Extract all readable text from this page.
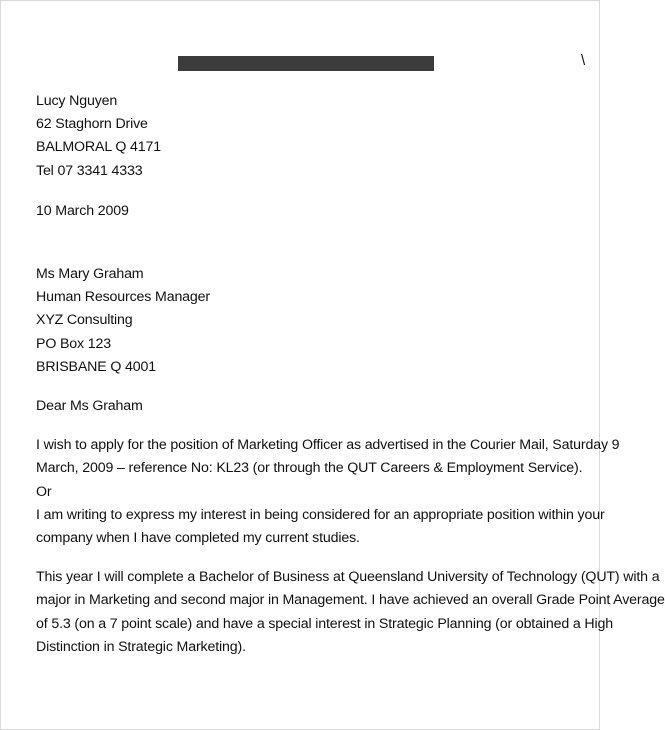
\
Lucy Nguyen
62 Staghorn Drive
BALMORAL Q 4171
Tel 07 3341 4333
10 March 2009
Ms Mary Graham
Human Resources Manager
XYZ Consulting
PO Box 123
BRISBANE Q 4001
Dear Ms Graham
I wish to apply for the position of Marketing Officer as advertised in the Courier Mail, Saturday 9
March, 2009 – reference No: KL23 (or through the QUT Careers & Employment Service).
Or
I am writing to express my interest in being considered for an appropriate position within your
company when I have completed my current studies.
This year I will complete a Bachelor of Business at Queensland University of Technology (QUT) with a
major in Marketing and second major in Management. I have achieved an overall Grade Point Average
of 5.3 (on a 7 point scale) and have a special interest in Strategic Planning (or obtained a High
Distinction in Strategic Marketing).
